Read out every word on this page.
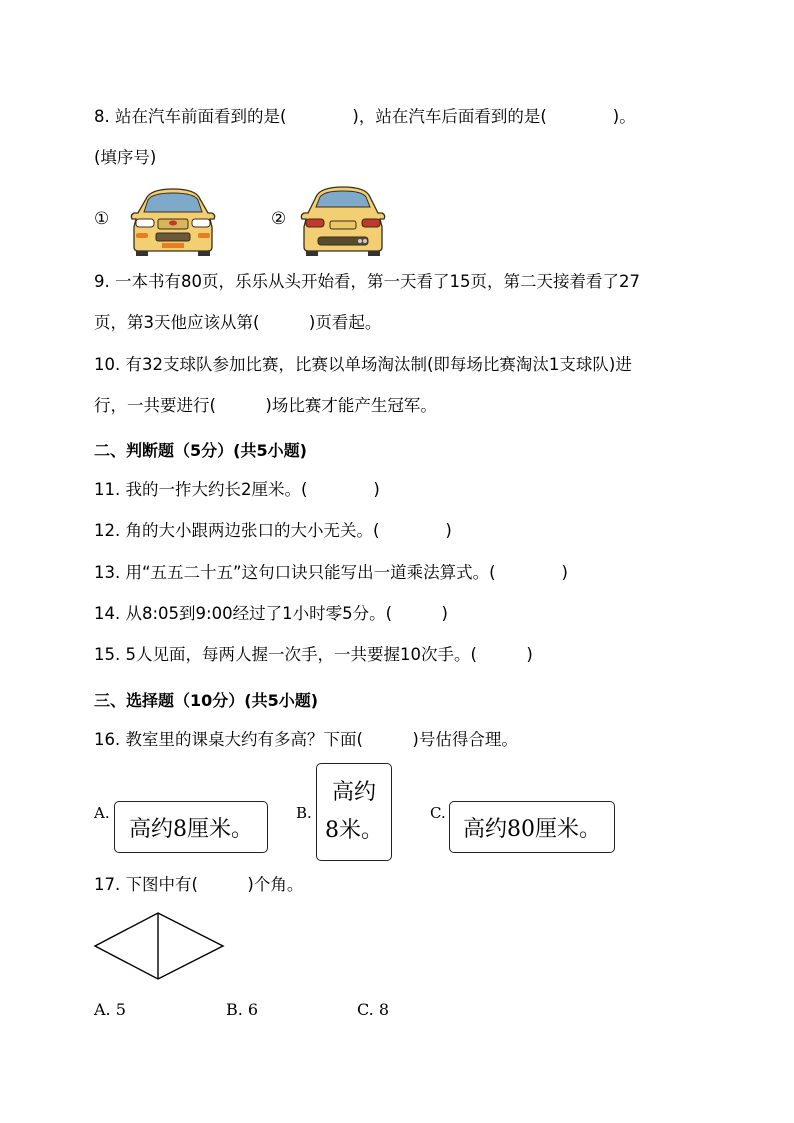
8. 站在汽车前面看到的是(　　　　)，站在汽车后面看到的是(　　　　)。
(填序号)
①	②
9. 一本书有80页，乐乐从头开始看，第一天看了15页，第二天接着看了27
页，第3天他应该从第(　　　)页看起。
10. 有32支球队参加比赛，比赛以单场淘汰制(即每场比赛淘汰1支球队)进
行，一共要进行(　　　)场比赛才能产生冠军。
二、判断题（5分）(共5小题)
11. 我的一拃大约长2厘米。(　　　　)
12. 角的大小跟两边张口的大小无关。(　　　　)
13. 用“五五二十五”这句口诀只能写出一道乘法算式。(　　　　)
14. 从8:05到9:00经过了1小时零5分。(　　　)
15. 5人见面，每两人握一次手，一共要握10次手。(　　　)
三、选择题（10分）(共5小题)
16. 教室里的课桌大约有多高？下面(　　　)号估得合理。
A.
高约8厘米。
B.
高约
8米。
C.
高约80厘米。
17. 下图中有(　　　)个角。
A. 5	B. 6	C. 8
